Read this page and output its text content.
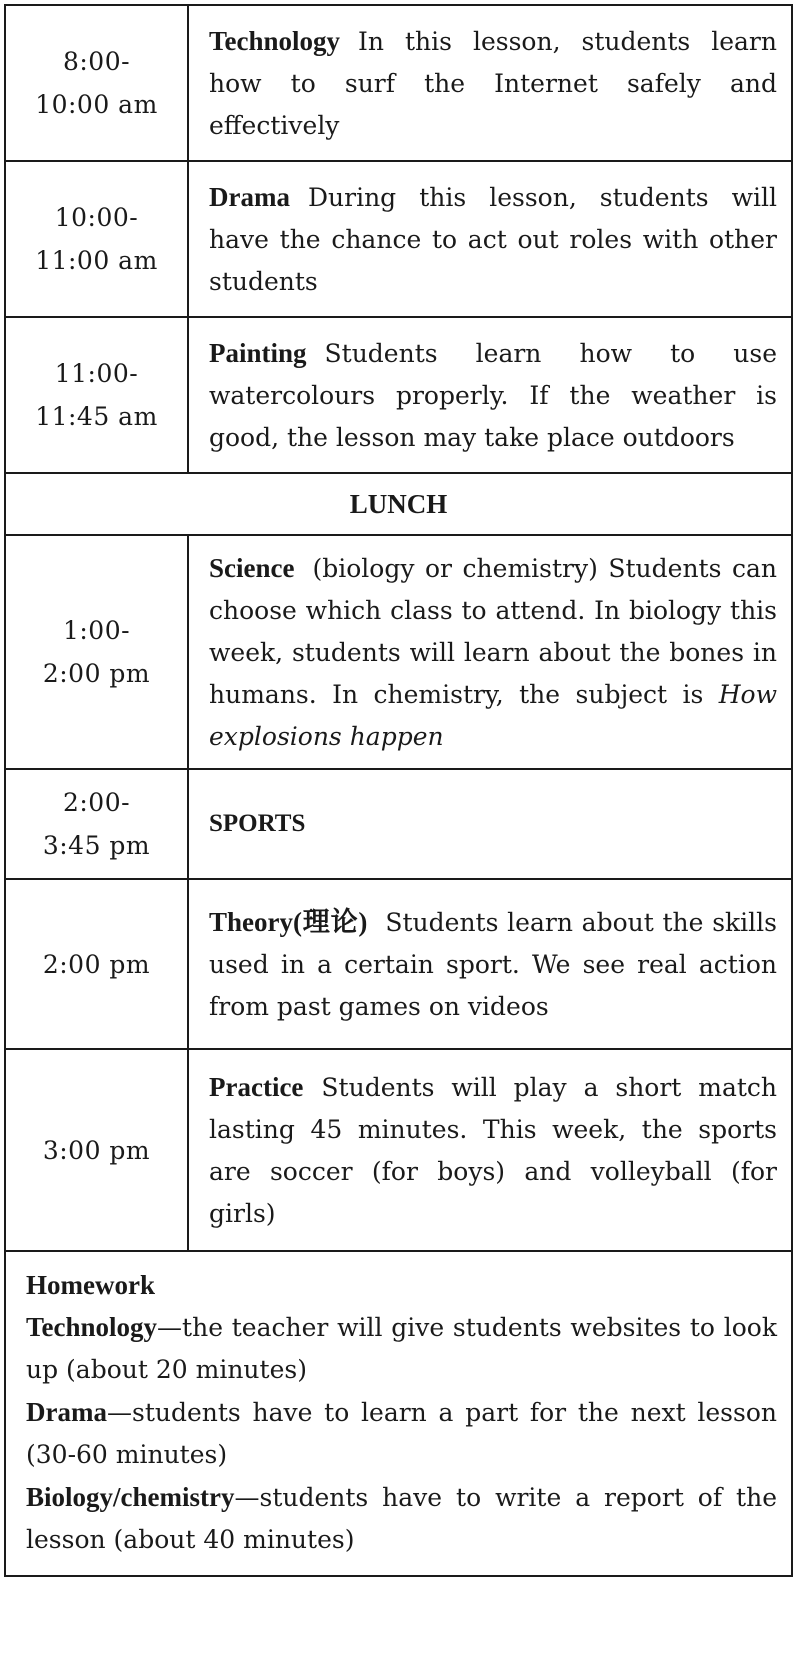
8:00-
10:00 am	Technology In this lesson, students learn how to surf the Internet safely and effectively
10:00-
11:00 am	Drama During this lesson, students will have the chance to act out roles with other students
11:00-
11:45 am	Painting Students learn how to use watercolours properly. If the weather is good, the lesson may take place outdoors
LUNCH	
1:00-
2:00 pm	Science (biology or chemistry) Students can choose which class to attend. In biology this week, students will learn about the bones in humans. In chemistry, the subject is How explosions happen
2:00-
3:45 pm	SPORTS
2:00 pm	Theory(理论) Students learn about the skills used in a certain sport. We see real action from past games on videos
3:00 pm	Practice Students will play a short match lasting 45 minutes. This week, the sports are soccer (for boys) and volleyball (for girls)

Homework
Technology—the teacher will give students websites to look up (about 20 minutes)
Drama—students have to learn a part for the next lesson (30-60 minutes)
Biology/chemistry—students have to write a report of the lesson (about 40 minutes)	
